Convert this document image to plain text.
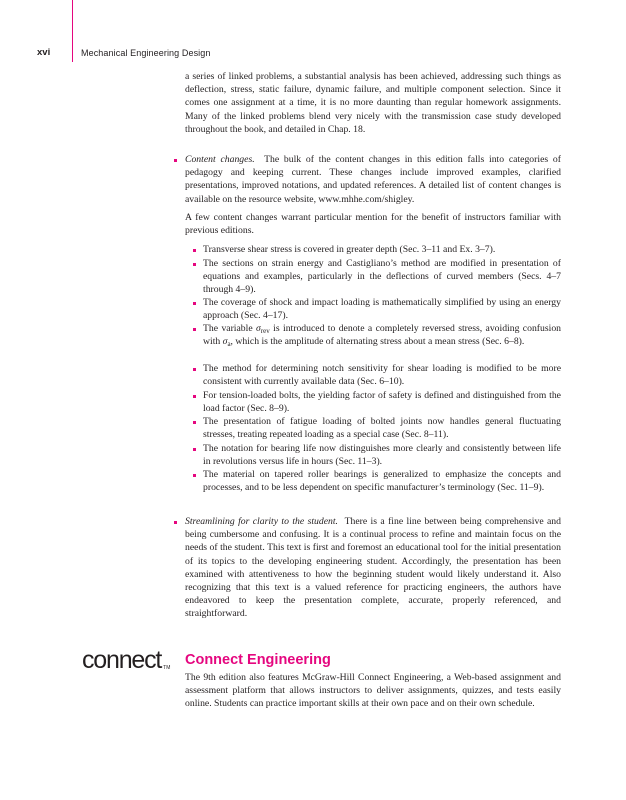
xvi	Mechanical Engineering Design

a series of linked problems, a substantial analysis has been achieved, addressing such things as deflection, stress, static failure, dynamic failure, and multiple component selection. Since it comes one assignment at a time, it is no more daunting than regular homework assignments. Many of the linked problems blend very nicely with the transmission case study developed throughout the book, and detailed in Chap. 18.

Content changes. The bulk of the content changes in this edition falls into categories of pedagogy and keeping current. These changes include improved examples, clarified presentations, improved notations, and updated references. A detailed list of content changes is available on the resource website, www.mhhe.com/shigley.

A few content changes warrant particular mention for the benefit of instructors familiar with previous editions.

Transverse shear stress is covered in greater depth (Sec. 3–11 and Ex. 3–7).

The sections on strain energy and Castigliano’s method are modified in presentation of equations and examples, particularly in the deflections of curved members (Secs. 4–7 through 4–9).

The coverage of shock and impact loading is mathematically simplified by using an energy approach (Sec. 4–17).

The variable $\sigma_{rev}$ is introduced to denote a completely reversed stress, avoiding confusion with $\sigma_a$, which is the amplitude of alternating stress about a mean stress (Sec. 6–8).

The method for determining notch sensitivity for shear loading is modified to be more consistent with currently available data (Sec. 6–10).

For tension-loaded bolts, the yielding factor of safety is defined and distinguished from the load factor (Sec. 8–9).

The presentation of fatigue loading of bolted joints now handles general fluctuating stresses, treating repeated loading as a special case (Sec. 8–11).

The notation for bearing life now distinguishes more clearly and consistently between life in revolutions versus life in hours (Sec. 11–3).

The material on tapered roller bearings is generalized to emphasize the concepts and processes, and to be less dependent on specific manufacturer’s terminology (Sec. 11–9).

Streamlining for clarity to the student. There is a fine line between being comprehensive and being cumbersome and confusing. It is a continual process to refine and maintain focus on the needs of the student. This text is first and foremost an educational tool for the initial presentation of its topics to the developing engineering student. Accordingly, the presentation has been examined with attentiveness to how the beginning student would likely understand it. Also recognizing that this text is a valued reference for practicing engineers, the authors have endeavored to keep the presentation complete, accurate, properly referenced, and straightforward.

connect ™ Connect Engineering

The 9th edition also features McGraw-Hill Connect Engineering, a Web-based assignment and assessment platform that allows instructors to deliver assignments, quizzes, and tests easily online. Students can practice important skills at their own pace and on their own schedule.
